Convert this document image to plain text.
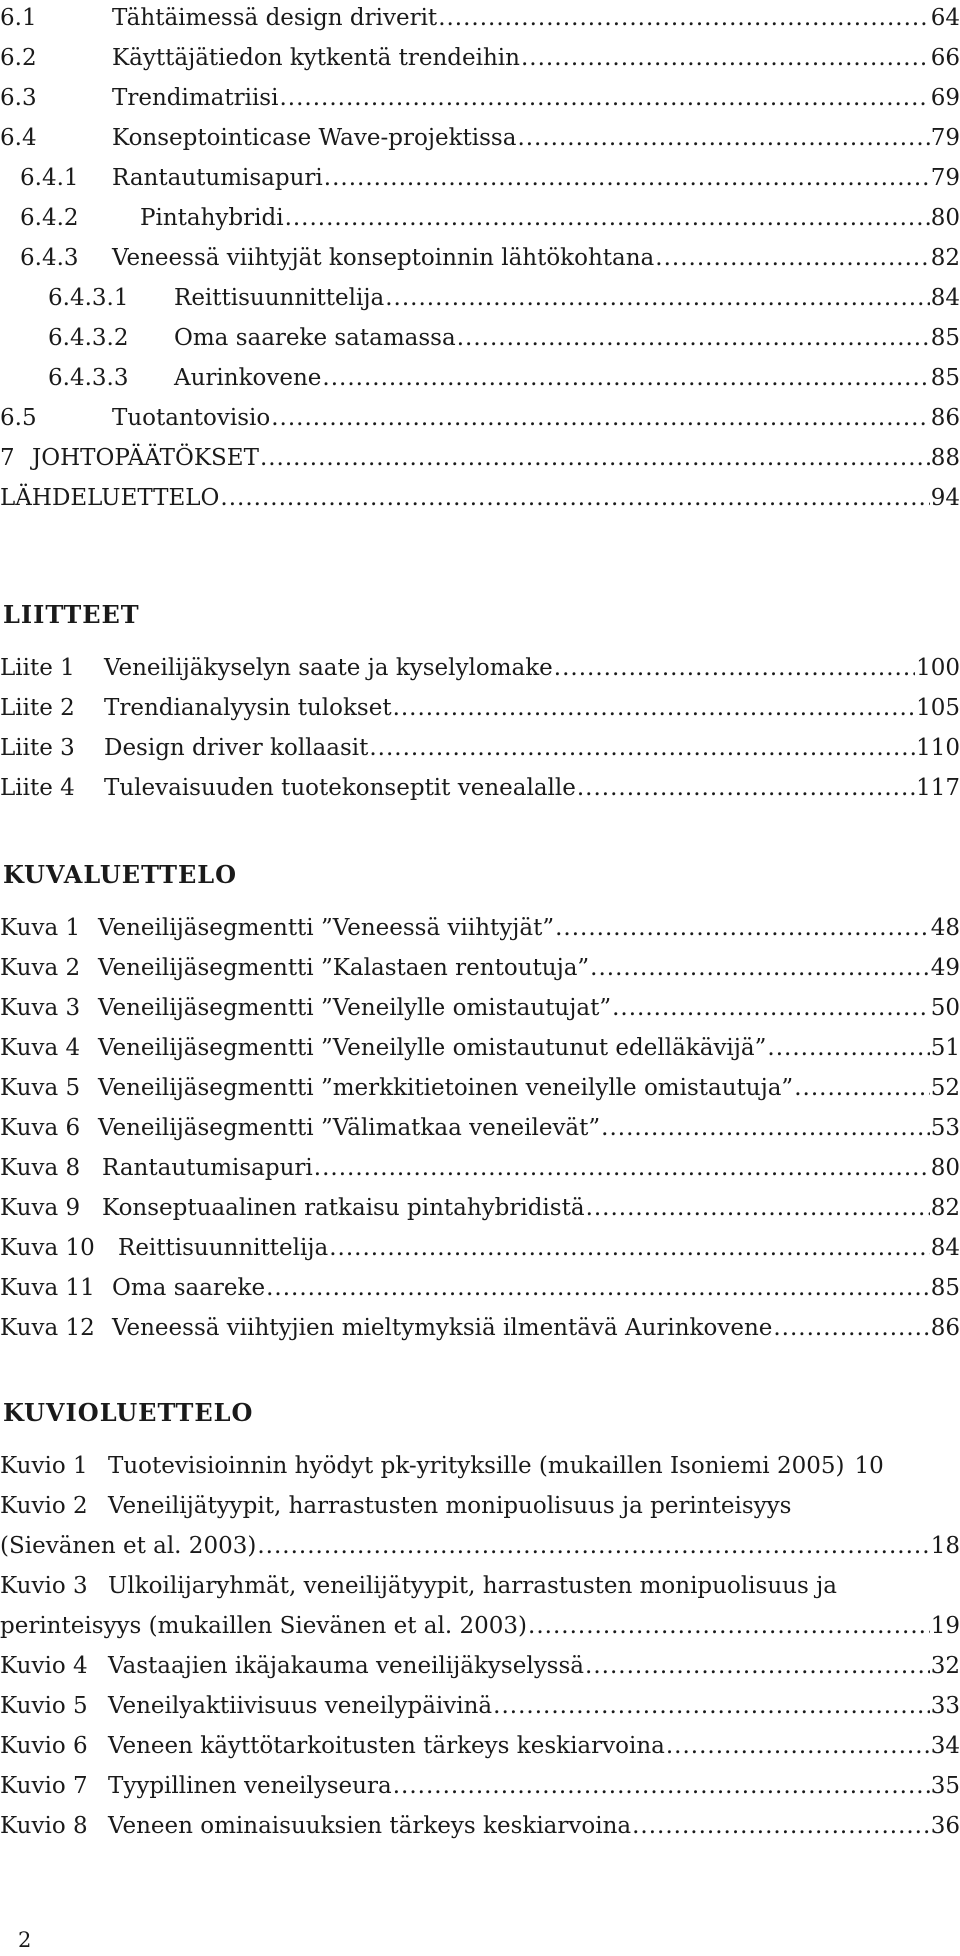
6.1	Tähtäimessä design driverit .....	64
6.2	Käyttäjätiedon kytkentä trendeihin .....	66
6.3	Trendimatriisi .....	69
6.4	Konseptointicase Wave-projektissa .....	79
6.4.1	Rantautumisapuri .....	79
6.4.2	Pintahybridi .....	80
6.4.3	Veneessä viihtyjät konseptoinnin lähtökohtana .....	82
6.4.3.1	Reittisuunnittelija .....	84
6.4.3.2	Oma saareke satamassa .....	85
6.4.3.3	Aurinkovene .....	85
6.5	Tuotantovisio .....	86
7 JOHTOPÄÄTÖKSET .....	88
LÄHDELUETTELO .....	94
LIITTEET
Liite 1	Veneilijäkyselyn saate ja kyselylomake .....	100
Liite 2	Trendianalyysin tulokset .....	105
Liite 3	Design driver kollaasit .....	110
Liite 4	Tulevaisuuden tuotekonseptit venealalle .....	117
KUVALUETTELO
Kuva 1 Veneilijäsegmentti ”Veneessä viihtyjät” .....	48
Kuva 2 Veneilijäsegmentti ”Kalastaen rentoutuja” .....	49
Kuva 3 Veneilijäsegmentti ”Veneilylle omistautujat” .....	50
Kuva 4 Veneilijäsegmentti ”Veneilylle omistautunut edelläkävijä” .....	51
Kuva 5 Veneilijäsegmentti ”merkkitietoinen veneilylle omistautuja” .....	52
Kuva 6 Veneilijäsegmentti ”Välimatkaa veneilevät” .....	53
Kuva 8 Rantautumisapuri .....	80
Kuva 9 Konseptuaalinen ratkaisu pintahybridistä .....	82
Kuva 10	Reittisuunnittelija .....	84
Kuva 11 Oma saareke .....	85
Kuva 12 Veneessä viihtyjien mieltymyksiä ilmentävä Aurinkovene .....	86
KUVIOLUETTELO
Kuvio 1 Tuotevisioinnin hyödyt pk-yrityksille (mukaillen Isoniemi 2005) 10
Kuvio 2 Veneilijätyypit, harrastusten monipuolisuus ja perinteisyys
(Sievänen et al. 2003) .....	18
Kuvio 3 Ulkoilijaryhmät, veneilijätyypit, harrastusten monipuolisuus ja
perinteisyys (mukaillen Sievänen et al. 2003) .....	19
Kuvio 4 Vastaajien ikäjakauma veneilijäkyselyssä .....	32
Kuvio 5 Veneilyaktiivisuus veneilypäivinä .....	33
Kuvio 6 Veneen käyttötarkoitusten tärkeys keskiarvoina .....	34
Kuvio 7 Tyypillinen veneilyseura .....	35
Kuvio 8 Veneen ominaisuuksien tärkeys keskiarvoina .....	36
2
